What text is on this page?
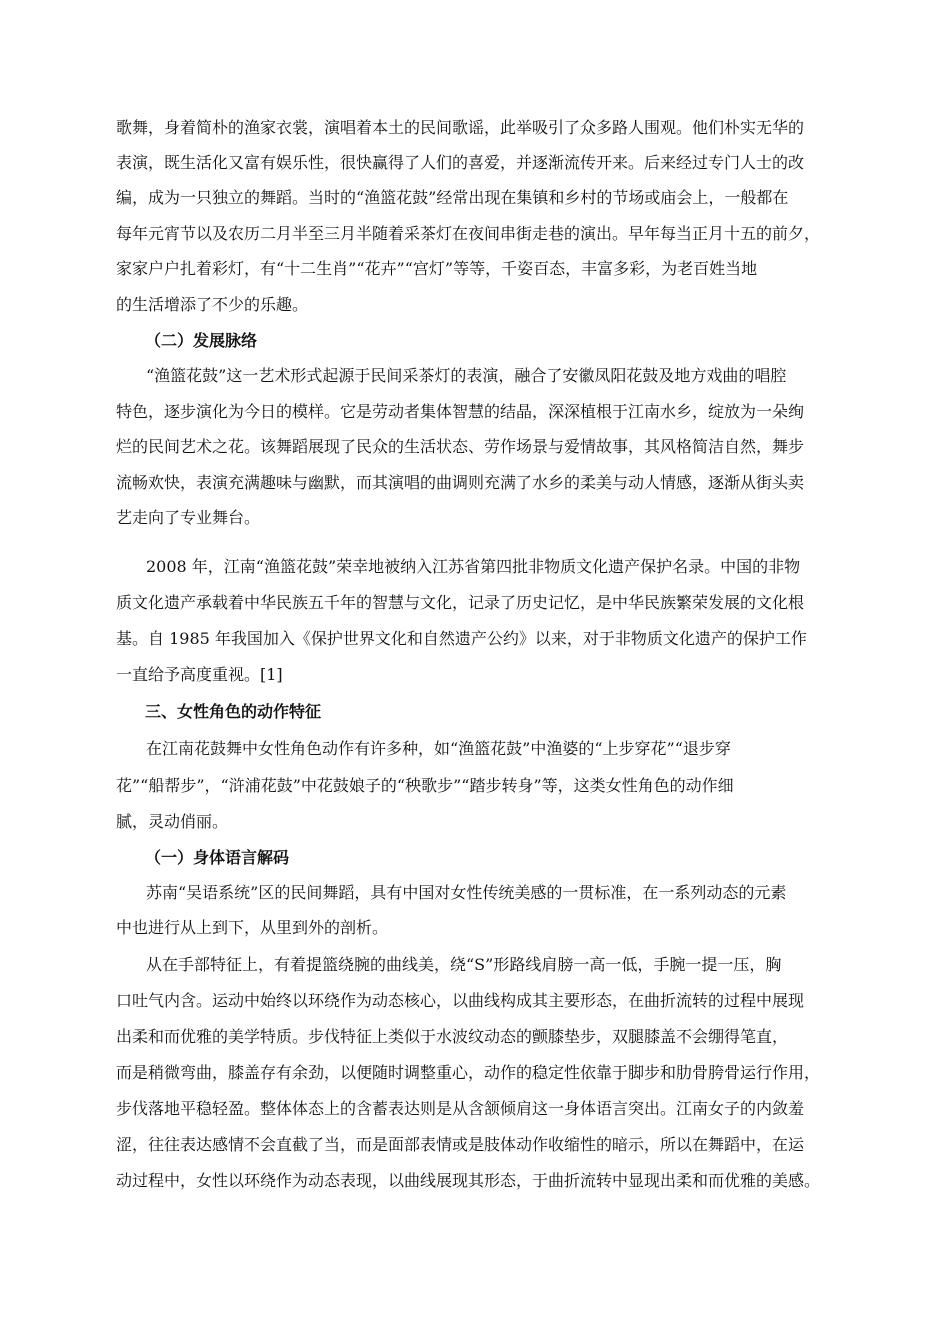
歌舞，身着简朴的渔家衣裳，演唱着本土的民间歌谣，此举吸引了众多路人围观。他们朴实无华的

表演，既生活化又富有娱乐性，很快赢得了人们的喜爱，并逐渐流传开来。后来经过专门人士的改

编，成为一只独立的舞蹈。当时的“渔篮花鼓”经常出现在集镇和乡村的节场或庙会上，一般都在

每年元宵节以及农历二月半至三月半随着采茶灯在夜间串街走巷的演出。早年每当正月十五的前夕，

家家户户扎着彩灯，有“十二生肖”“花卉”“宫灯”等等，千姿百态，丰富多彩，为老百姓当地

的生活增添了不少的乐趣。

（二）发展脉络

“渔篮花鼓”这一艺术形式起源于民间采茶灯的表演，融合了安徽凤阳花鼓及地方戏曲的唱腔

特色，逐步演化为今日的模样。它是劳动者集体智慧的结晶，深深植根于江南水乡，绽放为一朵绚

烂的民间艺术之花。该舞蹈展现了民众的生活状态、劳作场景与爱情故事，其风格简洁自然，舞步

流畅欢快，表演充满趣味与幽默，而其演唱的曲调则充满了水乡的柔美与动人情感，逐渐从街头卖

艺走向了专业舞台。

2008 年，江南“渔篮花鼓”荣幸地被纳入江苏省第四批非物质文化遗产保护名录。中国的非物

质文化遗产承载着中华民族五千年的智慧与文化，记录了历史记忆，是中华民族繁荣发展的文化根

基。自 1985 年我国加入《保护世界文化和自然遗产公约》以来，对于非物质文化遗产的保护工作

一直给予高度重视。[1]

三、女性角色的动作特征

在江南花鼓舞中女性角色动作有许多种，如“渔篮花鼓”中渔婆的“上步穿花”“退步穿

花”“船帮步”，“浒浦花鼓”中花鼓娘子的“秧歌步”“踏步转身”等，这类女性角色的动作细

腻，灵动俏丽。

（一）身体语言解码

苏南“吴语系统”区的民间舞蹈，具有中国对女性传统美感的一贯标准，在一系列动态的元素

中也进行从上到下，从里到外的剖析。

从在手部特征上，有着提篮绕腕的曲线美，绕“S”形路线肩膀一高一低，手腕一提一压，胸

口吐气内含。运动中始终以环绕作为动态核心，以曲线构成其主要形态，在曲折流转的过程中展现

出柔和而优雅的美学特质。步伐特征上类似于水波纹动态的颤膝垫步，双腿膝盖不会绷得笔直，

而是稍微弯曲，膝盖存有余劲，以便随时调整重心，动作的稳定性依靠于脚步和肋骨胯骨运行作用，

步伐落地平稳轻盈。整体体态上的含蓄表达则是从含颔倾肩这一身体语言突出。江南女子的内敛羞

涩，往往表达感情不会直截了当，而是面部表情或是肢体动作收缩性的暗示，所以在舞蹈中，在运

动过程中，女性以环绕作为动态表现，以曲线展现其形态，于曲折流转中显现出柔和而优雅的美感。
